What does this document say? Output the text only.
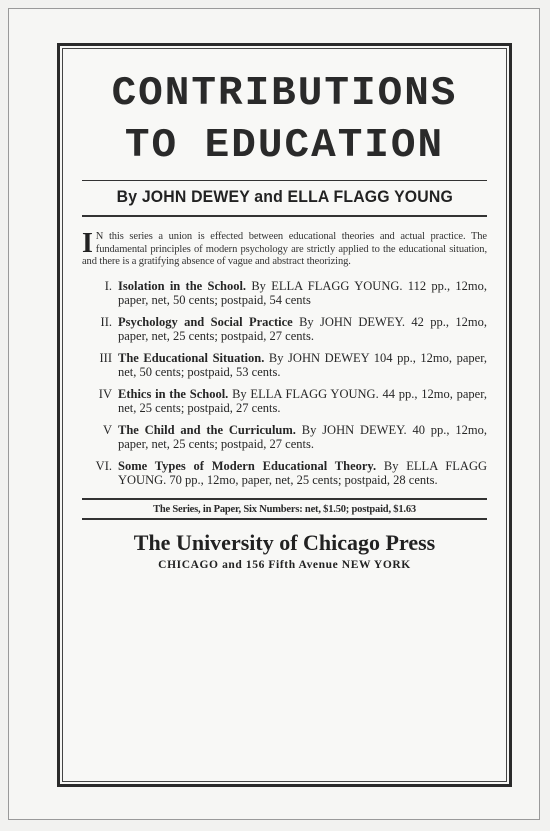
CONTRIBUTIONS
TO EDUCATION
By JOHN DEWEY and ELLA FLAGG YOUNG

I N this series a union is effected between educational theories and actual practice. The fundamental principles of modern psychology are strictly applied to the educational situation, and there is a gratifying absence of vague and abstract theorizing.

I. Isolation in the School. By ELLA FLAGG YOUNG. 112 pp., 12mo, paper, net, 50 cents; postpaid, 54 cents
II. Psychology and Social Practice By JOHN DEWEY. 42 pp., 12mo, paper, net, 25 cents; postpaid, 27 cents.
III The Educational Situation. By JOHN DEWEY 104 pp., 12mo, paper, net, 50 cents; postpaid, 53 cents.
IV Ethics in the School. By ELLA FLAGG YOUNG. 44 pp., 12mo, paper, net, 25 cents; postpaid, 27 cents.
V The Child and the Curriculum. By JOHN DEWEY. 40 pp., 12mo, paper, net, 25 cents; postpaid, 27 cents.
VI. Some Types of Modern Educational Theory. By ELLA FLAGG YOUNG. 70 pp., 12mo, paper, net, 25 cents; postpaid, 28 cents.
The Series, in Paper, Six Numbers: net, $1.50; postpaid, $1.63
The University of Chicago Press
CHICAGO and 156 Fifth Avenue NEW YORK
